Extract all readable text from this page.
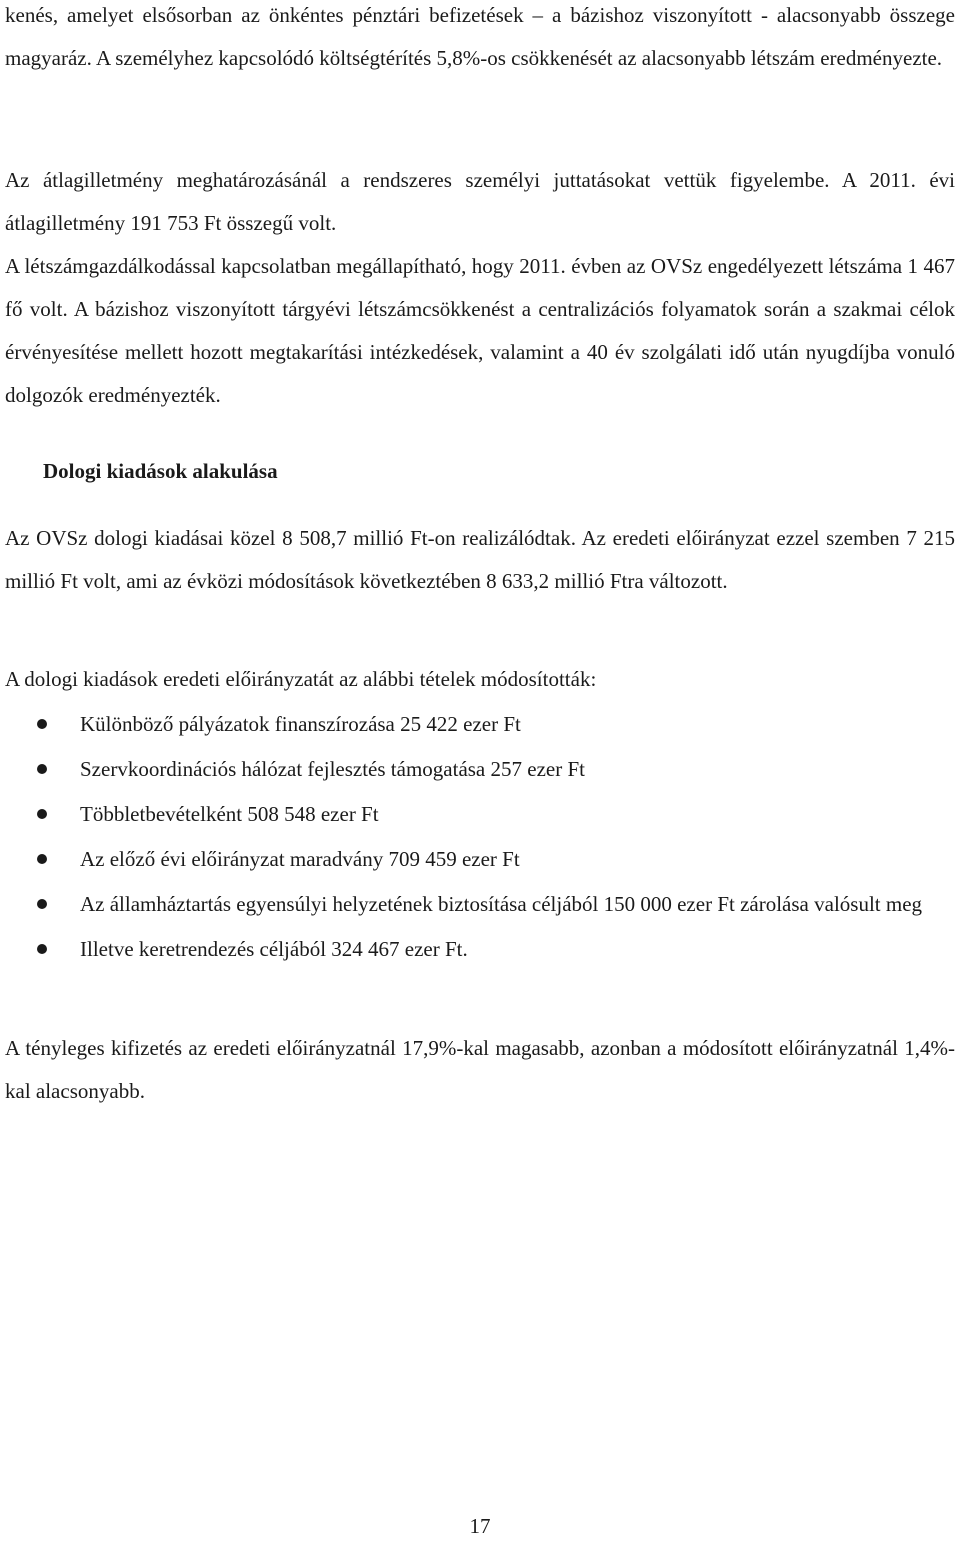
kenés, amelyet elsősorban az önkéntes pénztári befizetések – a bázishoz viszonyított - alacsonyabb összege magyaráz. A személyhez kapcsolódó költségtérítés 5,8%-os csökkenését az alacsonyabb létszám eredményezte.

Az átlagilletmény meghatározásánál a rendszeres személyi juttatásokat vettük figyelembe. A 2011. évi átlagilletmény 191 753 Ft összegű volt.

A létszámgazdálkodással kapcsolatban megállapítható, hogy 2011. évben az OVSz engedélyezett létszáma 1 467 fő volt. A bázishoz viszonyított tárgyévi létszámcsökkenést a centralizációs folyamatok során a szakmai célok érvényesítése mellett hozott megtakarítási intézkedések, valamint a 40 év szolgálati idő után nyugdíjba vonuló dolgozók eredményezték.

Dologi kiadások alakulása

Az OVSz dologi kiadásai közel 8 508,7 millió Ft-on realizálódtak. Az eredeti előirányzat ezzel szemben 7 215 millió Ft volt, ami az évközi módosítások következtében 8 633,2 millió Ftra változott.

A dologi kiadások eredeti előirányzatát az alábbi tételek módosították:

Különböző pályázatok finanszírozása 25 422 ezer Ft
Szervkoordinációs hálózat fejlesztés támogatása 257 ezer Ft
Többletbevételként 508 548 ezer Ft
Az előző évi előirányzat maradvány 709 459 ezer Ft
Az államháztartás egyensúlyi helyzetének biztosítása céljából 150 000 ezer Ft zárolása valósult meg
Illetve keretrendezés céljából 324 467 ezer Ft.

A tényleges kifizetés az eredeti előirányzatnál 17,9%-kal magasabb, azonban a módosított előirányzatnál 1,4%-kal alacsonyabb.

17
